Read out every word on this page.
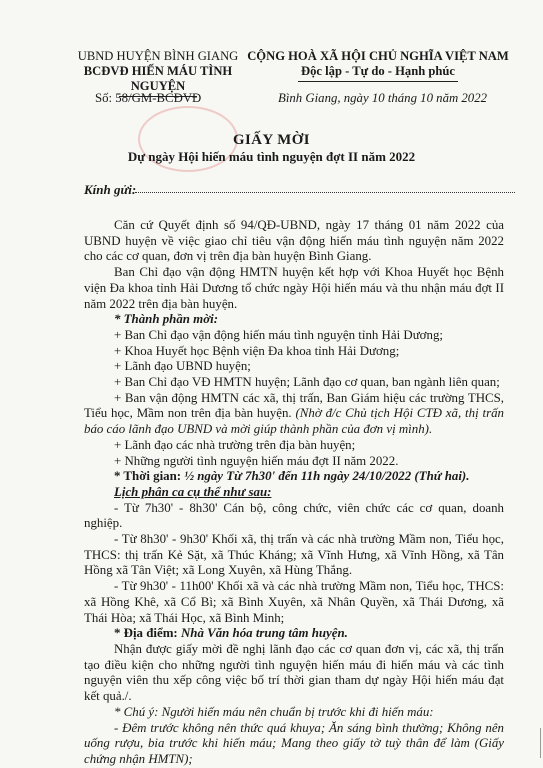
UBND HUYỆN BÌNH GIANG
BCĐVĐ HIẾN MÁU TÌNH NGUYỆN
CỘNG HOÀ XÃ HỘI CHỦ NGHĨA VIỆT NAM
Độc lập - Tự do - Hạnh phúc
Số: 58/GM-BCĐVĐ	Bình Giang, ngày 10 tháng 10 năm 2022
GIẤY MỜI
Dự ngày Hội hiến máu tình nguyện đợt II năm 2022
Kính gửi:

Căn cứ Quyết định số 94/QĐ-UBND, ngày 17 tháng 01 năm 2022 của UBND huyện về việc giao chỉ tiêu vận động hiến máu tình nguyện năm 2022 cho các cơ quan, đơn vị trên địa bàn huyện Bình Giang.

Ban Chỉ đạo vận động HMTN huyện kết hợp với Khoa Huyết học Bệnh viện Đa khoa tỉnh Hải Dương tổ chức ngày Hội hiến máu và thu nhận máu đợt II năm 2022 trên địa bàn huyện.

* Thành phần mời:

+ Ban Chỉ đạo vận động hiến máu tình nguyện tỉnh Hải Dương;

+ Khoa Huyết học Bệnh viện Đa khoa tỉnh Hải Dương;

+ Lãnh đạo UBND huyện;

+ Ban Chỉ đạo VĐ HMTN huyện; Lãnh đạo cơ quan, ban ngành liên quan;

+ Ban vận động HMTN các xã, thị trấn, Ban Giám hiệu các trường THCS, Tiểu học, Mầm non trên địa bàn huyện. (Nhờ đ/c Chủ tịch Hội CTĐ xã, thị trấn báo cáo lãnh đạo UBND và mời giúp thành phần của đơn vị mình).

+ Lãnh đạo các nhà trường trên địa bàn huyện;

+ Những người tình nguyện hiến máu đợt II năm 2022.

* Thời gian: ½ ngày Từ 7h30' đến 11h ngày 24/10/2022 (Thứ hai).

Lịch phân ca cụ thể như sau:

- Từ 7h30' - 8h30' Cán bộ, công chức, viên chức các cơ quan, doanh nghiệp.

- Từ 8h30' - 9h30' Khối xã, thị trấn và các nhà trường Mầm non, Tiểu học, THCS: thị trấn Kẻ Sặt, xã Thúc Kháng; xã Vĩnh Hưng, xã Vĩnh Hồng, xã Tân Hồng xã Tân Việt; xã Long Xuyên, xã Hùng Thắng.

- Từ 9h30' - 11h00' Khối xã và các nhà trường Mầm non, Tiểu học, THCS: xã Hồng Khê, xã Cổ Bì; xã Bình Xuyên, xã Nhân Quyền, xã Thái Dương, xã Thái Hòa; xã Thái Học, xã Bình Minh;

* Địa điểm: Nhà Văn hóa trung tâm huyện.

Nhận được giấy mời đề nghị lãnh đạo các cơ quan đơn vị, các xã, thị trấn tạo điều kiện cho những người tình nguyện hiến máu đi hiến máu và các tình nguyện viên thu xếp công việc bố trí thời gian tham dự ngày Hội hiến máu đạt kết quả./.

* Chú ý: Người hiến máu nên chuẩn bị trước khi đi hiến máu:

- Đêm trước không nên thức quá khuya; Ăn sáng bình thường; Không nên uống rượu, bia trước khi hiến máu; Mang theo giấy tờ tuỳ thân để làm (Giấy chứng nhận HMTN);
